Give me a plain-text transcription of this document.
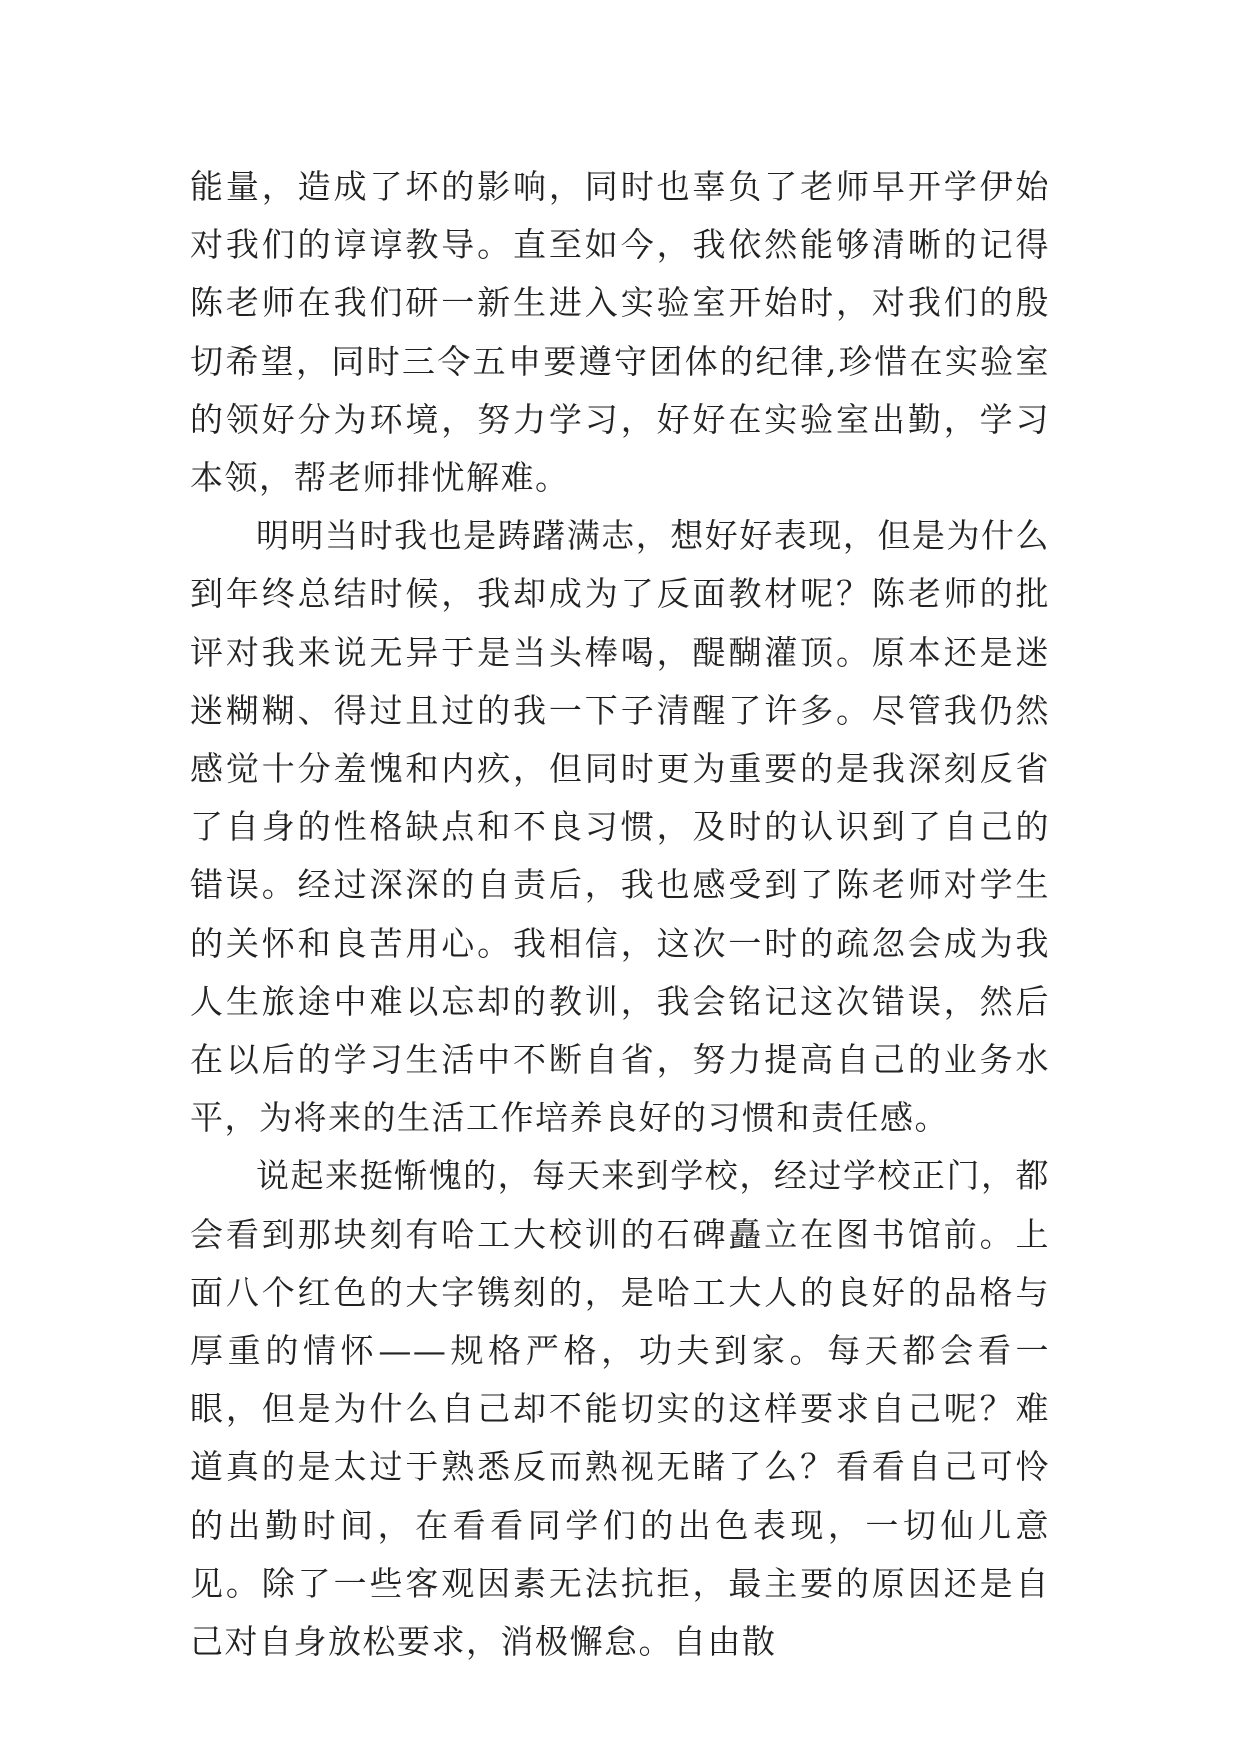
能量，造成了坏的影响，同时也辜负了老师早开学伊始对我们的谆谆教导。直至如今，我依然能够清晰的记得陈老师在我们研一新生进入实验室开始时，对我们的殷切希望，同时三令五申要遵守团体的纪律,珍惜在实验室的领好分为环境，努力学习，好好在实验室出勤，学习本领，帮老师排忧解难。

明明当时我也是踌躇满志，想好好表现，但是为什么到年终总结时候，我却成为了反面教材呢？陈老师的批评对我来说无异于是当头棒喝，醍醐灌顶。原本还是迷迷糊糊、得过且过的我一下子清醒了许多。尽管我仍然感觉十分羞愧和内疚，但同时更为重要的是我深刻反省了自身的性格缺点和不良习惯，及时的认识到了自己的错误。经过深深的自责后，我也感受到了陈老师对学生的关怀和良苦用心。我相信，这次一时的疏忽会成为我人生旅途中难以忘却的教训，我会铭记这次错误，然后在以后的学习生活中不断自省，努力提高自己的业务水平，为将来的生活工作培养良好的习惯和责任感。

说起来挺惭愧的，每天来到学校，经过学校正门，都会看到那块刻有哈工大校训的石碑矗立在图书馆前。上面八个红色的大字镌刻的，是哈工大人的良好的品格与厚重的情怀——规格严格，功夫到家。每天都会看一眼，但是为什么自己却不能切实的这样要求自己呢？难道真的是太过于熟悉反而熟视无睹了么？看看自己可怜的出勤时间，在看看同学们的出色表现，一切仙儿意见。除了一些客观因素无法抗拒，最主要的原因还是自己对自身放松要求，消极懈怠。自由散
